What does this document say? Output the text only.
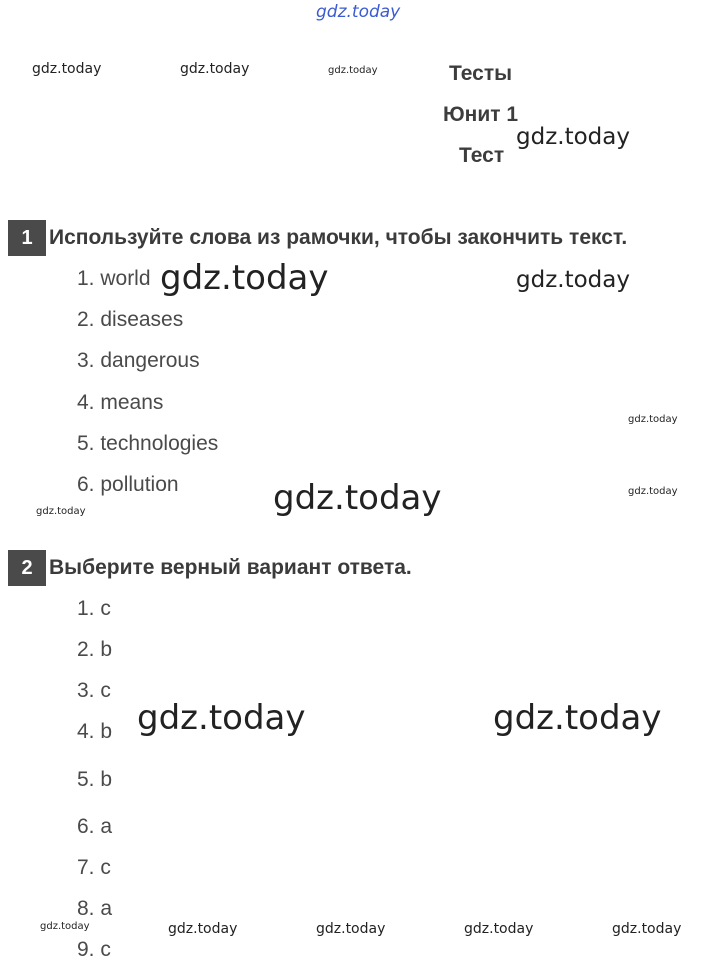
gdz.today
gdz.today	gdz.today	gdz.today	Тесты
Юнит 1
Тест
gdz.today
1 Используйте слова из рамочки, чтобы закончить текст.
1. world
2. diseases
3. dangerous
4. means
5. technologies
6. pollution
gdz.today	gdz.today
gdz.today
gdz.today
gdz.today
gdz.today
2 Выберите верный вариант ответа.
1. c
2. b
3. c
4. b
5. b
6. a
7. c
8. a
9. c
gdz.today	gdz.today
gdz.today	gdz.today	gdz.today	gdz.today	gdz.today
